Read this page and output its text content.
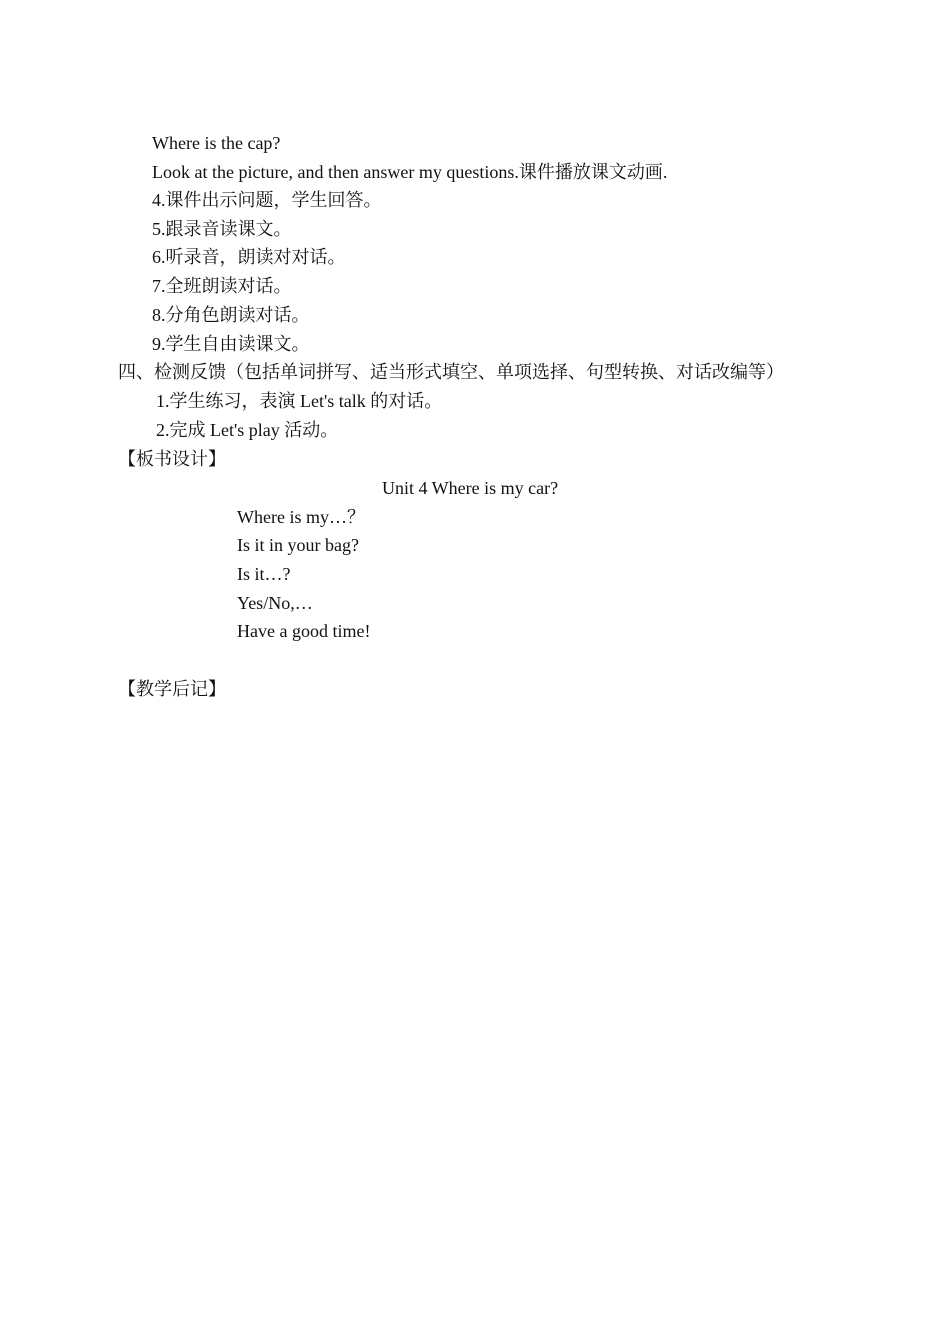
Where is the cap?
Look at the picture, and then answer my questions.课件播放课文动画.
4.课件出示问题，学生回答。
5.跟录音读课文。
6.听录音，朗读对对话。
7.全班朗读对话。
8.分角色朗读对话。
9.学生自由读课文。
四、检测反馈（包括单词拼写、适当形式填空、单项选择、句型转换、对话改编等）
1.学生练习，表演 Let's talk 的对话。
2.完成 Let's play 活动。
【板书设计】
Unit 4 Where is my car?
Where is my…？
Is it in your bag?
Is it…?
Yes/No,…
Have a good time!
【教学后记】
